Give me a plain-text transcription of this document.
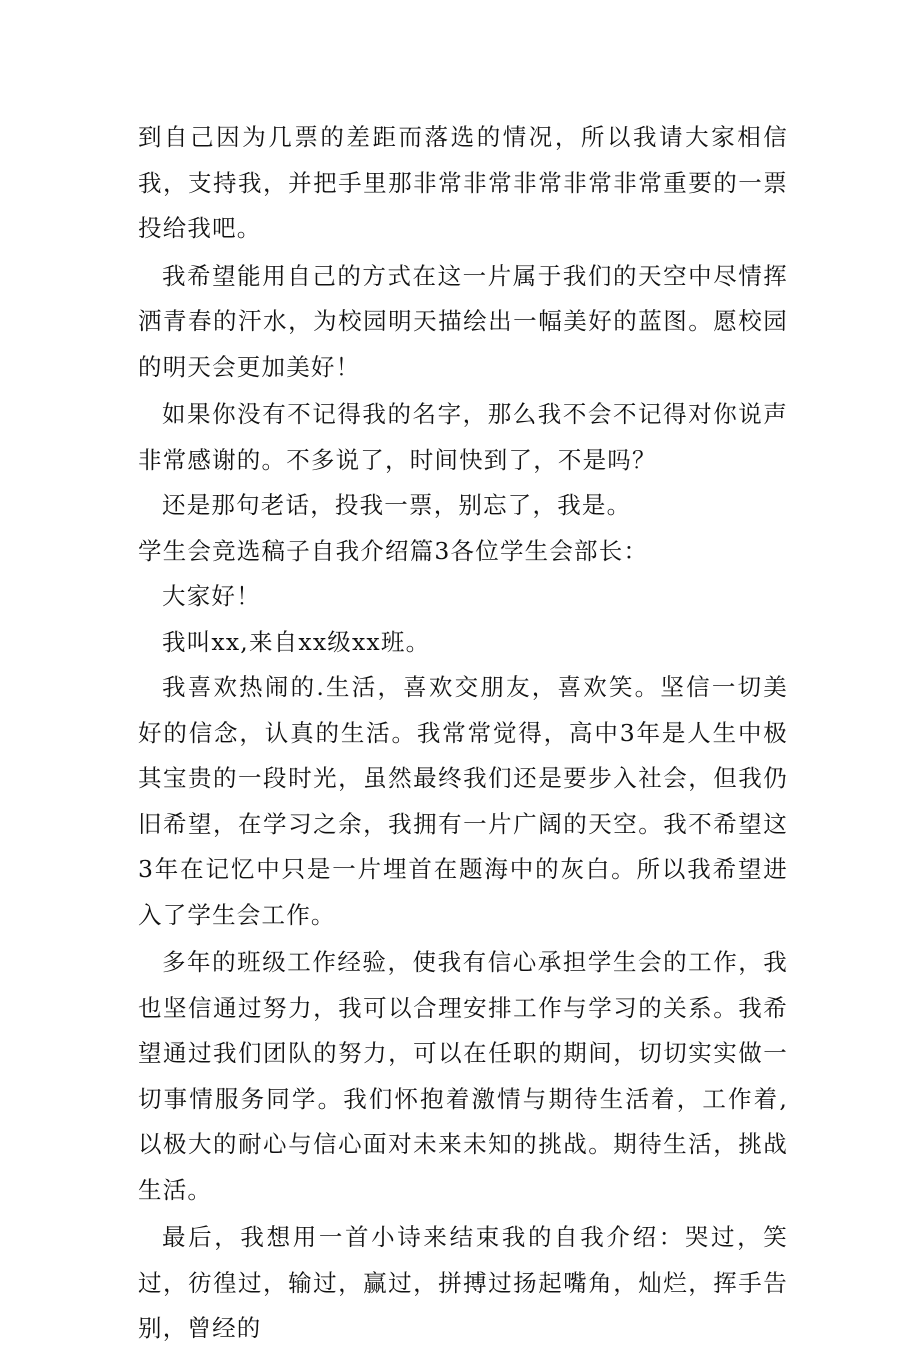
到自己因为几票的差距而落选的情况，所以我请大家相信我，支持我，并把手里那非常非常非常非常非常重要的一票投给我吧。

我希望能用自己的方式在这一片属于我们的天空中尽情挥洒青春的汗水，为校园明天描绘出一幅美好的蓝图。愿校园的明天会更加美好！

如果你没有不记得我的名字，那么我不会不记得对你说声非常感谢的。不多说了，时间快到了，不是吗？

还是那句老话，投我一票，别忘了，我是。

学生会竞选稿子自我介绍篇3各位学生会部长：

大家好！

我叫xx,来自xx级xx班。

我喜欢热闹的.生活，喜欢交朋友，喜欢笑。坚信一切美好的信念，认真的生活。我常常觉得，高中3年是人生中极其宝贵的一段时光，虽然最终我们还是要步入社会，但我仍旧希望，在学习之余，我拥有一片广阔的天空。我不希望这3年在记忆中只是一片埋首在题海中的灰白。所以我希望进入了学生会工作。

多年的班级工作经验，使我有信心承担学生会的工作，我也坚信通过努力，我可以合理安排工作与学习的关系。我希望通过我们团队的努力，可以在任职的期间，切切实实做一切事情服务同学。我们怀抱着激情与期待生活着，工作着,以极大的耐心与信心面对未来未知的挑战。期待生活，挑战生活。

最后，我想用一首小诗来结束我的自我介绍：哭过，笑过，彷徨过，输过，赢过，拼搏过扬起嘴角，灿烂，挥手告别，曾经的
